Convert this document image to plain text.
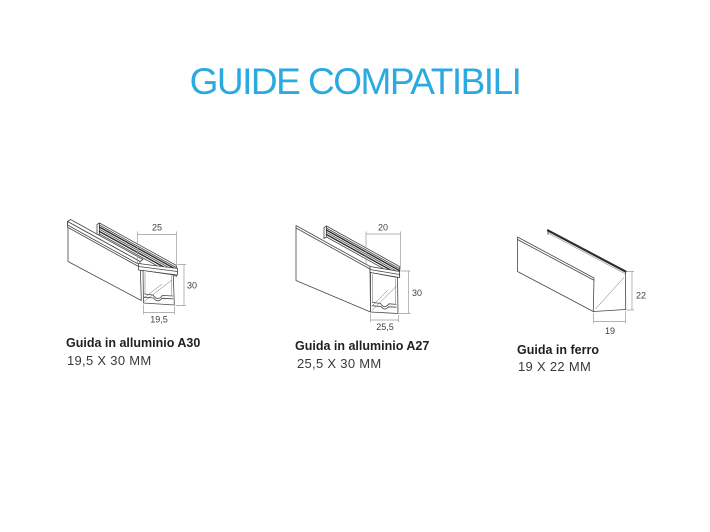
GUIDE COMPATIBILI
25
30
19,5
Guida in alluminio A30
19,5 X 30 MM
20
30
25,5
Guida in alluminio A27
25,5 X 30 MM
22
19
Guida in ferro
19 X 22 MM
